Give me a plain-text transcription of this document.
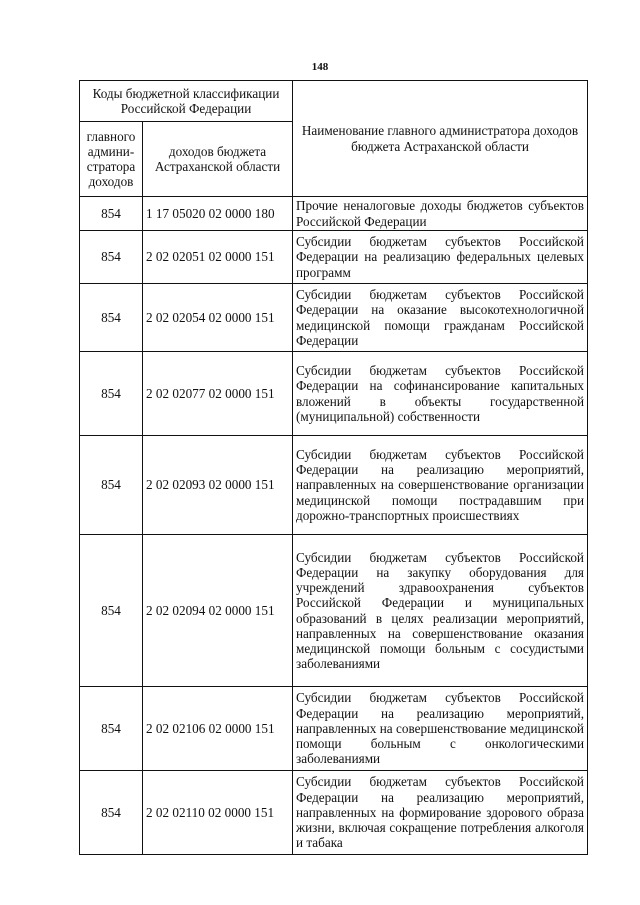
148
Коды бюджетной классификации Российской Федерации		Наименование главного администратора доходов бюджета Астраханской области
главного админи-стратора доходов	доходов бюджета Астраханской области	
854	1 17 05020 02 0000 180	Прочие неналоговые доходы бюджетов субъектов Российской Федерации
854	2 02 02051 02 0000 151	Субсидии бюджетам субъектов Российской Федерации на реализацию федеральных целевых программ
854	2 02 02054 02 0000 151	Субсидии бюджетам субъектов Российской Федерации на оказание высокотехнологичной медицинской помощи гражданам Российской Федерации
854	2 02 02077 02 0000 151	Субсидии бюджетам субъектов Российской Федерации на софинансирование капитальных вложений в объекты государственной (муниципальной) собственности
854	2 02 02093 02 0000 151	Субсидии бюджетам субъектов Российской Федерации на реализацию мероприятий, направленных на совершенствование организации медицинской помощи пострадавшим при дорожно-транспортных происшествиях
854	2 02 02094 02 0000 151	Субсидии бюджетам субъектов Российской Федерации на закупку оборудования для учреждений здравоохранения субъектов Российской Федерации и муниципальных образований в целях реализации мероприятий, направленных на совершенствование оказания медицинской помощи больным с сосудистыми заболеваниями
854	2 02 02106 02 0000 151	Субсидии бюджетам субъектов Российской Федерации на реализацию мероприятий, направленных на совершенствование медицинской помощи больным с онкологическими заболеваниями
854	2 02 02110 02 0000 151	Субсидии бюджетам субъектов Российской Федерации на реализацию мероприятий, направленных на формирование здорового образа жизни, включая сокращение потребления алкоголя и табака
